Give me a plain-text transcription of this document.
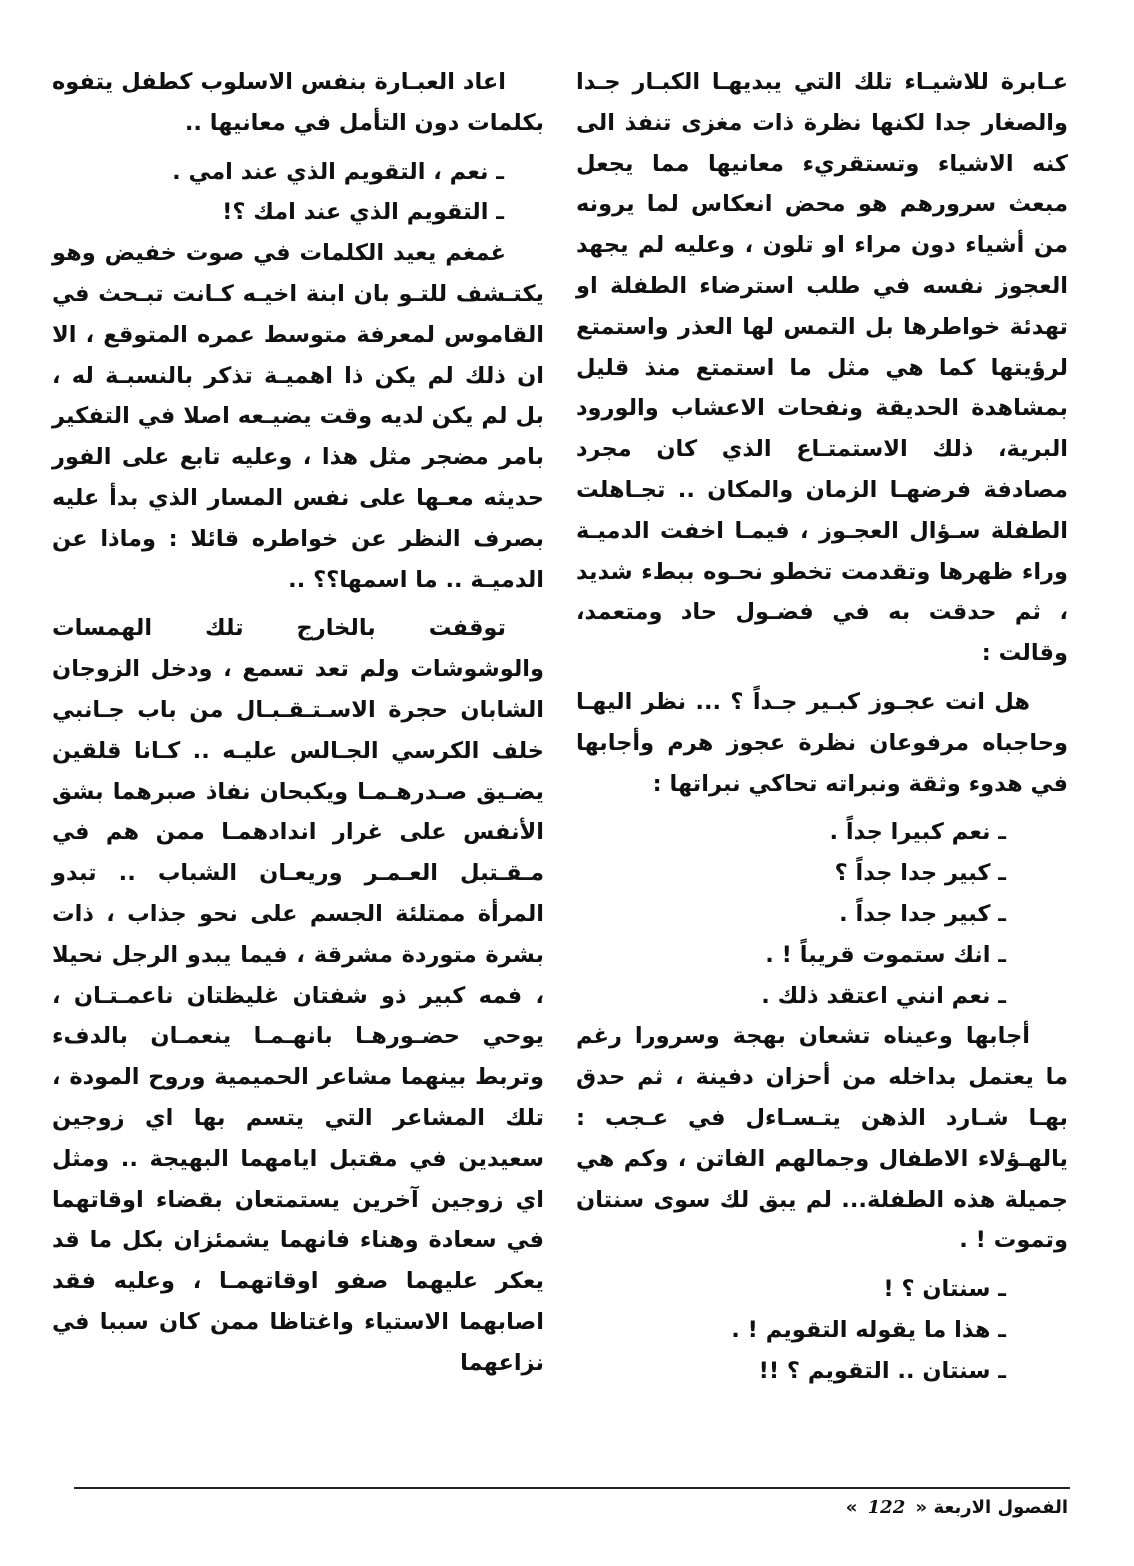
عـابرة للاشيـاء تلك التي يبديهـا الكبـار جـدا والصغار جدا لكنها نظرة ذات مغزى تنفذ الى كنه الاشياء وتستقريء معانيها مما يجعل مبعث سرورهم هو محض انعكاس لما يرونه من أشياء دون مراء او تلون ، وعليه لم يجهد العجوز نفسه في طلب استرضاء الطفلة او تهدئة خواطرها بل التمس لها العذر واستمتع لرؤيتها كما هي مثل ما استمتع منذ قليل بمشاهدة الحديقة ونفحات الاعشاب والورود البرية، ذلك الاستمتـاع الذي كان مجرد مصادفة فرضهـا الزمان والمكان .. تجـاهلت الطفلة سـؤال العجـوز ، فيمـا اخفت الدميـة وراء ظهرها وتقدمت تخطو نحـوه ببطء شديد ، ثم حدقت به في فضـول حاد ومتعمد، وقالت :

هل انت عجـوز كبـير جـداً ؟ ... نظر اليهـا وحاجباه مرفوعان نظرة عجوز هرم وأجابها في هدوء وثقة ونبراته تحاكي نبراتها :

ـ نعم كبيرا جداً .

ـ كبير جدا جداً ؟

ـ كبير جدا جداً .

ـ انك ستموت قريباً ! .

ـ نعم انني اعتقد ذلك .

أجابها وعيناه تشعان بهجة وسرورا رغم ما يعتمل بداخله من أحزان دفينة ، ثم حدق بهـا شـارد الذهن يتـسـاءل في عـجب : يالهـؤلاء الاطفال وجمالهم الفاتن ، وكم هي جميلة هذه الطفلة... لم يبق لك سوى سنتان وتموت ! .

ـ سنتان ؟ !

ـ هذا ما يقوله التقويم ! .

ـ سنتان .. التقويم ؟ !!

اعاد العبـارة بنفس الاسلوب كطفل يتفوه بكلمات دون التأمل في معانيها ..

ـ نعم ، التقويم الذي عند امي .

ـ التقويم الذي عند امك ؟!

غمغم يعيد الكلمات في صوت خفيض وهو يكتـشف للتـو بان ابنة اخيـه كـانت تبـحث في القاموس لمعرفة متوسط عمره المتوقع ، الا ان ذلك لم يكن ذا اهميـة تذكر بالنسبـة له ، بل لم يكن لديه وقت يضيـعه اصلا في التفكير بامر مضجر مثل هذا ، وعليه تابع على الفور حديثه معـها على نفس المسار الذي بدأ عليه بصرف النظر عن خواطره قائلا : وماذا عن الدميـة .. ما اسمها؟؟ ..

توقفت بالخارج تلك الهمسات والوشوشات ولم تعد تسمع ، ودخل الزوجان الشابان حجرة الاسـتـقـبـال من باب جـانبي خلف الكرسي الجـالس عليـه .. كـانا قلقين يضـيق صـدرهـمـا ويكبحان نفاذ صبرهما بشق الأنفس على غرار اندادهمـا ممن هم في مـقـتبل العـمـر وريعـان الشباب .. تبدو المرأة ممتلئة الجسم على نحو جذاب ، ذات بشرة متوردة مشرقة ، فيما يبدو الرجل نحيلا ، فمه كبير ذو شفتان غليظتان ناعمـتـان ، يوحي حضـورهـا بانهـمـا ينعمـان بالدفء وتربط بينهما مشاعر الحميمية وروح المودة ، تلك المشاعر التي يتسم بها اي زوجين سعيدين في مقتبل ايامهما البهيجة .. ومثل اي زوجين آخرين يستمتعان بقضاء اوقاتهما في سعادة وهناء فانهما يشمئزان بكل ما قد يعكر عليهما صفو اوقاتهمـا ، وعليه فقد اصابهما الاستياء واغتاظا ممن كان سببا في نزاعهما

الفصول الاربعة « 122 »
